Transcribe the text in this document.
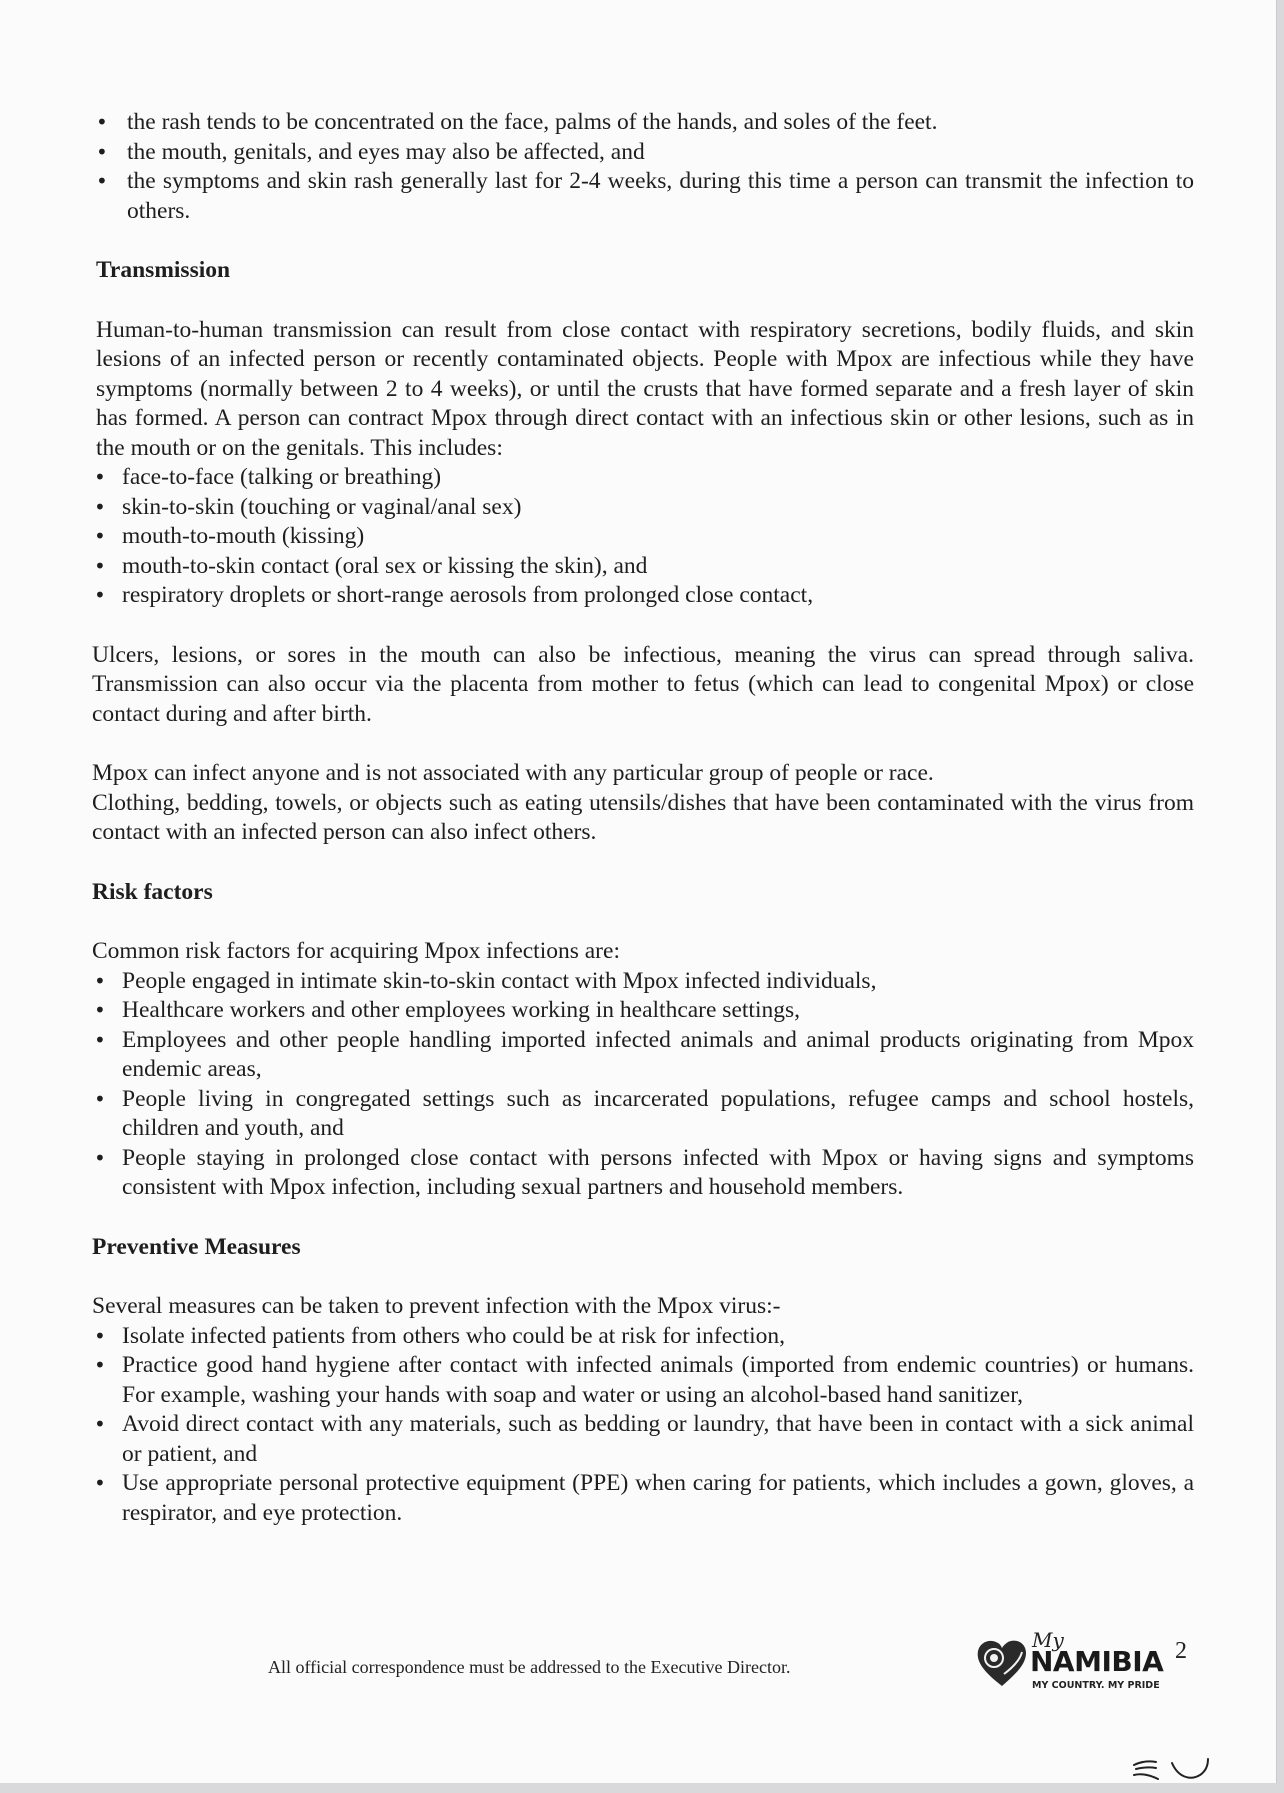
• the rash tends to be concentrated on the face, palms of the hands, and soles of the feet.
• the mouth, genitals, and eyes may also be affected, and
• the symptoms and skin rash generally last for 2-4 weeks, during this time a person can transmit the infection to others.
Transmission

Human-to-human transmission can result from close contact with respiratory secretions, bodily fluids, and skin lesions of an infected person or recently contaminated objects. People with Mpox are infectious while they have symptoms (normally between 2 to 4 weeks), or until the crusts that have formed separate and a fresh layer of skin has formed. A person can contract Mpox through direct contact with an infectious skin or other lesions, such as in the mouth or on the genitals. This includes:

• face-to-face (talking or breathing)
• skin-to-skin (touching or vaginal/anal sex)
• mouth-to-mouth (kissing)
• mouth-to-skin contact (oral sex or kissing the skin), and
• respiratory droplets or short-range aerosols from prolonged close contact,

Ulcers, lesions, or sores in the mouth can also be infectious, meaning the virus can spread through saliva. Transmission can also occur via the placenta from mother to fetus (which can lead to congenital Mpox) or close contact during and after birth.

Mpox can infect anyone and is not associated with any particular group of people or race.

Clothing, bedding, towels, or objects such as eating utensils/dishes that have been contaminated with the virus from contact with an infected person can also infect others.

Risk factors

Common risk factors for acquiring Mpox infections are:

• People engaged in intimate skin-to-skin contact with Mpox infected individuals,
• Healthcare workers and other employees working in healthcare settings,
• Employees and other people handling imported infected animals and animal products originating from Mpox endemic areas,
• People living in congregated settings such as incarcerated populations, refugee camps and school hostels, children and youth, and
• People staying in prolonged close contact with persons infected with Mpox or having signs and symptoms consistent with Mpox infection, including sexual partners and household members.
Preventive Measures

Several measures can be taken to prevent infection with the Mpox virus:-

• Isolate infected patients from others who could be at risk for infection,
• Practice good hand hygiene after contact with infected animals (imported from endemic countries) or humans. For example, washing your hands with soap and water or using an alcohol-based hand sanitizer,
• Avoid direct contact with any materials, such as bedding or laundry, that have been in contact with a sick animal or patient, and
• Use appropriate personal protective equipment (PPE) when caring for patients, which includes a gown, gloves, a respirator, and eye protection.
All official correspondence must be addressed to the Executive Director.
My
NAMIBIA
MY COUNTRY. MY PRIDE
2
